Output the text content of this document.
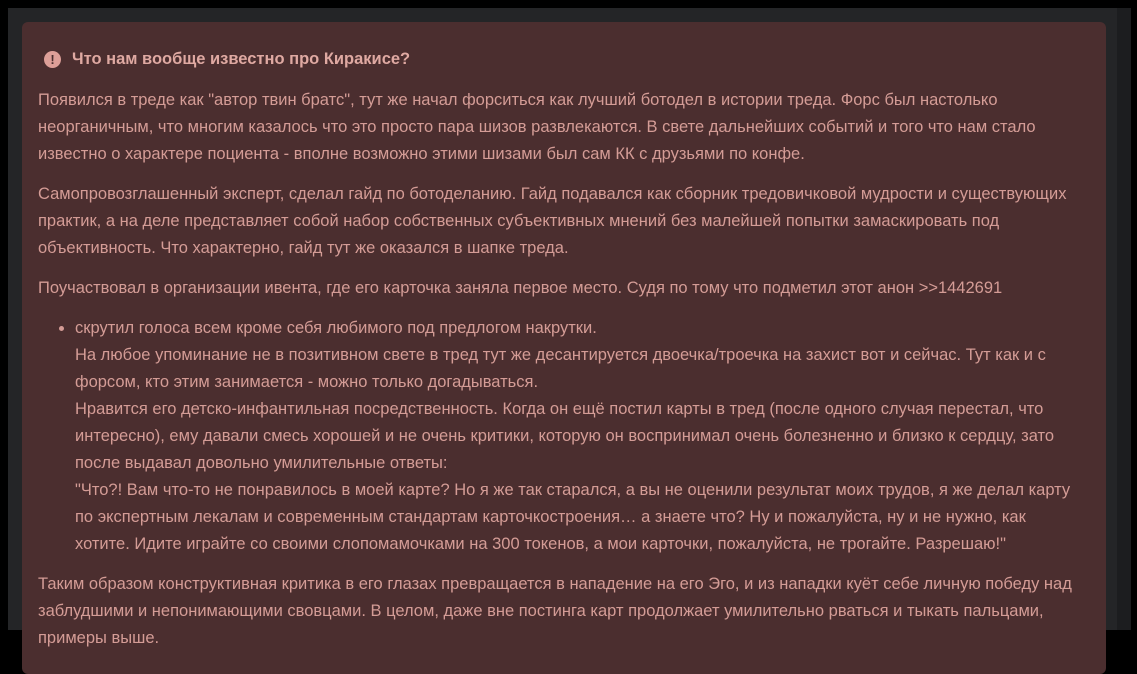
!	Что нам вообще известно про Киракисе?

Появился в треде как "автор твин братс", тут же начал форситься как лучший ботодел в истории треда. Форс был настолько неорганичным, что многим казалось что это просто пара шизов развлекаются. В свете дальнейших событий и того что нам стало известно о характере поциента - вполне возможно этими шизами был сам КК с друзьями по конфе.

Самопровозглашенный эксперт, сделал гайд по ботоделанию. Гайд подавался как сборник тредовичковой мудрости и существующих практик, а на деле представляет собой набор собственных субъективных мнений без малейшей попытки замаскировать под объективность. Что характерно, гайд тут же оказался в шапке треда.

Поучаствовал в организации ивента, где его карточка заняла первое место. Судя по тому что подметил этот анон >>1442691

• скрутил голоса всем кроме себя любимого под предлогом накрутки.
На любое упоминание не в позитивном свете в тред тут же десантируется двоечка/троечка на захист вот и сейчас. Тут как и с форсом, кто этим занимается - можно только догадываться.
Нравится его детско-инфантильная посредственность. Когда он ещё постил карты в тред (после одного случая перестал, что интересно), ему давали смесь хорошей и не очень критики, которую он воспринимал очень болезненно и близко к сердцу, зато после выдавал довольно умилительные ответы:
"Что?! Вам что-то не понравилось в моей карте? Но я же так старался, а вы не оценили результат моих трудов, я же делал карту по экспертным лекалам и современным стандартам карточкостроения… а знаете что? Ну и пожалуйста, ну и не нужно, как хотите. Идите играйте со своими слопомамочками на 300 токенов, а мои карточки, пожалуйста, не трогайте. Разрешаю!"

Таким образом конструктивная критика в его глазах превращается в нападение на его Эго, и из нападки куёт себе личную победу над заблудшими и непонимающими свовцами. В целом, даже вне постинга карт продолжает умилительно рваться и тыкать пальцами, примеры выше.
